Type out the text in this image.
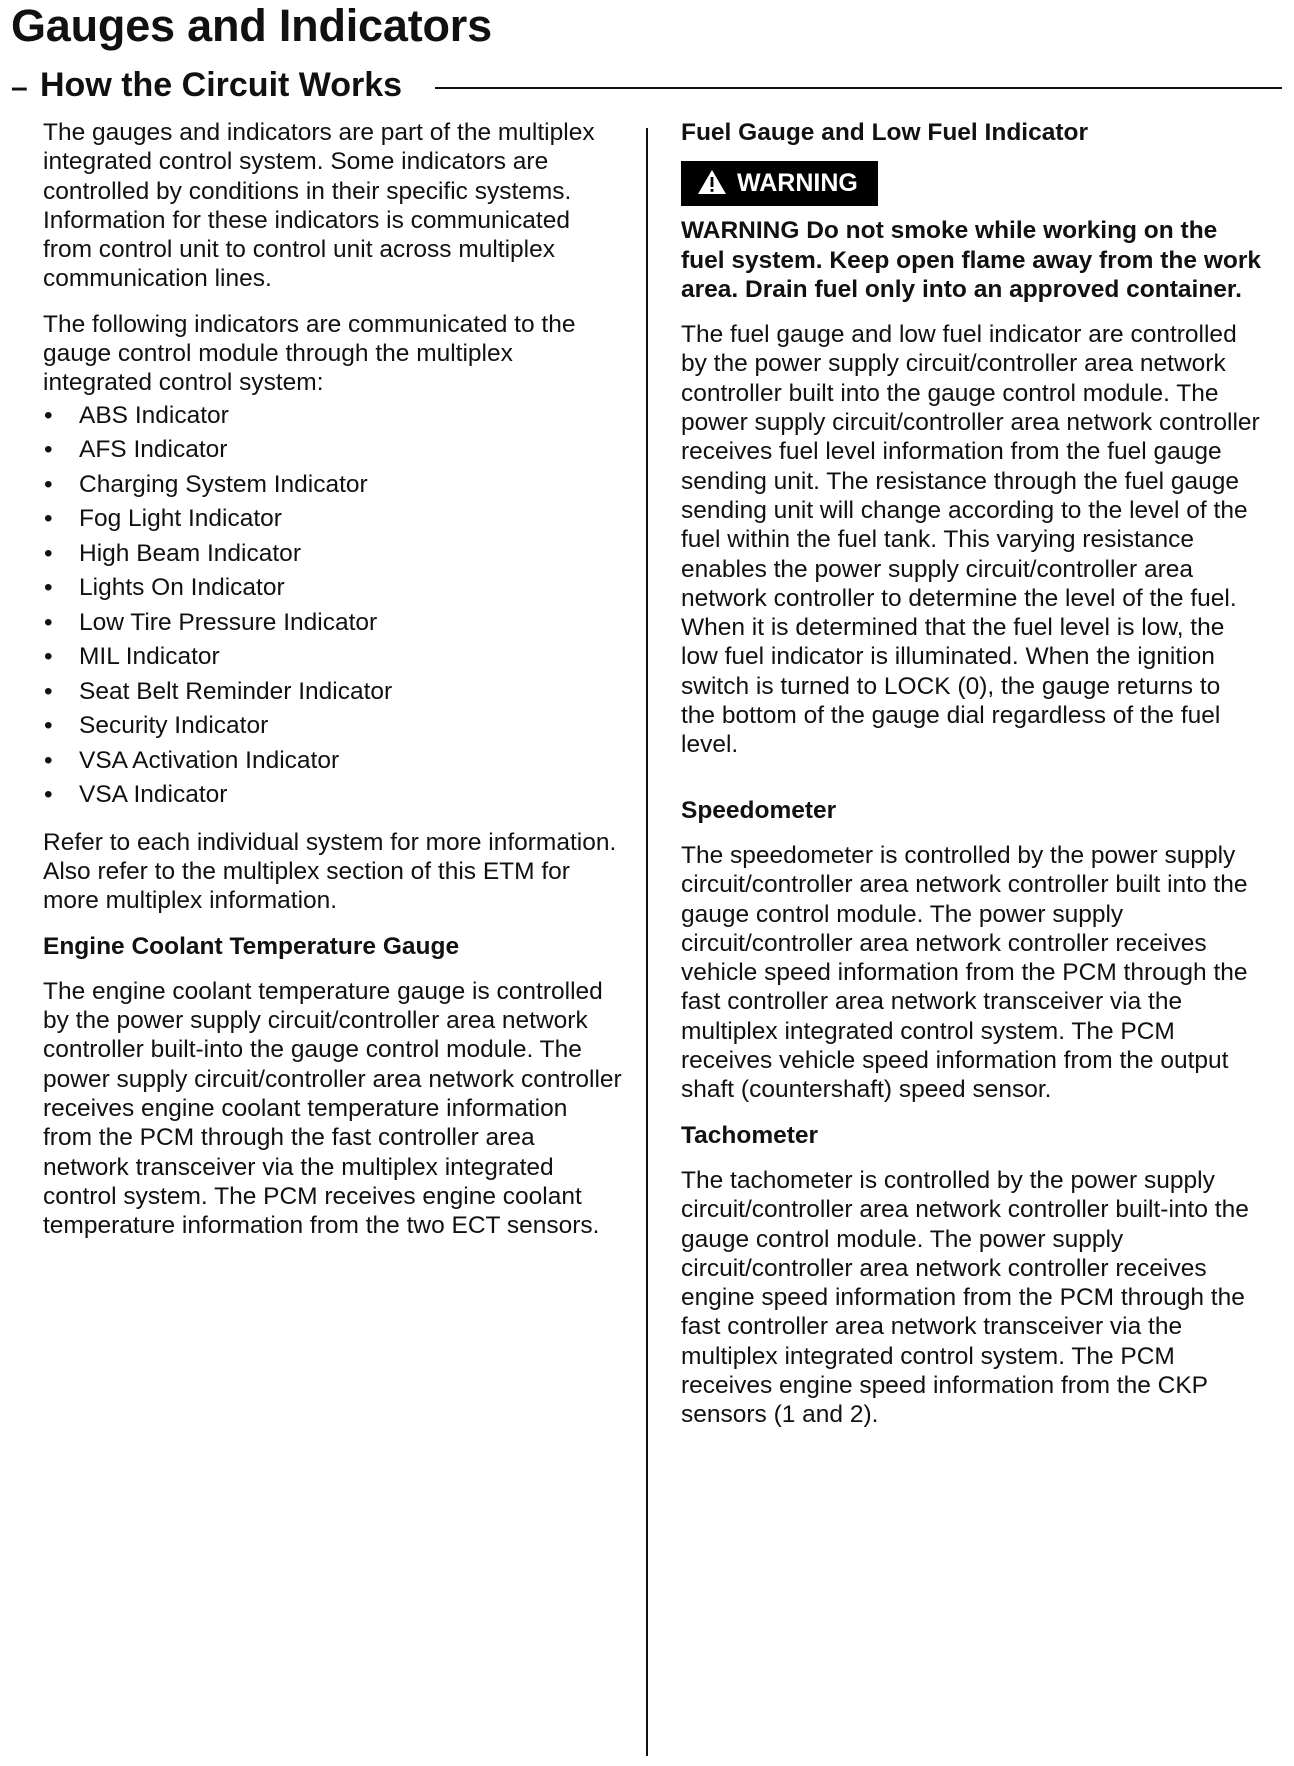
Gauges and Indicators
– How the Circuit Works

The gauges and indicators are part of the multiplex integrated control system. Some indicators are controlled by conditions in their specific systems. Information for these indicators is communicated from control unit to control unit across multiplex communication lines.

The following indicators are communicated to the gauge control module through the multiplex integrated control system:

• ABS Indicator
• AFS Indicator
• Charging System Indicator
• Fog Light Indicator
• High Beam Indicator
• Lights On Indicator
• Low Tire Pressure Indicator
• MIL Indicator
• Seat Belt Reminder Indicator
• Security Indicator
• VSA Activation Indicator
• VSA Indicator

Refer to each individual system for more information. Also refer to the multiplex section of this ETM for more multiplex information.

Engine Coolant Temperature Gauge

The engine coolant temperature gauge is controlled by the power supply circuit/controller area network controller built-into the gauge control module. The power supply circuit/controller area network controller receives engine coolant temperature information from the PCM through the fast controller area network transceiver via the multiplex integrated control system. The PCM receives engine coolant temperature information from the two ECT sensors.

Fuel Gauge and Low Fuel Indicator
WARNING

WARNING Do not smoke while working on the fuel system. Keep open flame away from the work area. Drain fuel only into an approved container.

The fuel gauge and low fuel indicator are controlled by the power supply circuit/controller area network controller built into the gauge control module. The power supply circuit/controller area network controller receives fuel level information from the fuel gauge sending unit. The resistance through the fuel gauge sending unit will change according to the level of the fuel within the fuel tank. This varying resistance enables the power supply circuit/controller area network controller to determine the level of the fuel. When it is determined that the fuel level is low, the low fuel indicator is illuminated. When the ignition switch is turned to LOCK (0), the gauge returns to the bottom of the gauge dial regardless of the fuel level.

Speedometer

The speedometer is controlled by the power supply circuit/controller area network controller built into the gauge control module. The power supply circuit/controller area network controller receives vehicle speed information from the PCM through the fast controller area network transceiver via the multiplex integrated control system. The PCM receives vehicle speed information from the output shaft (countershaft) speed sensor.

Tachometer

The tachometer is controlled by the power supply circuit/controller area network controller built-into the gauge control module. The power supply circuit/controller area network controller receives engine speed information from the PCM through the fast controller area network transceiver via the multiplex integrated control system. The PCM receives engine speed information from the CKP sensors (1 and 2).
